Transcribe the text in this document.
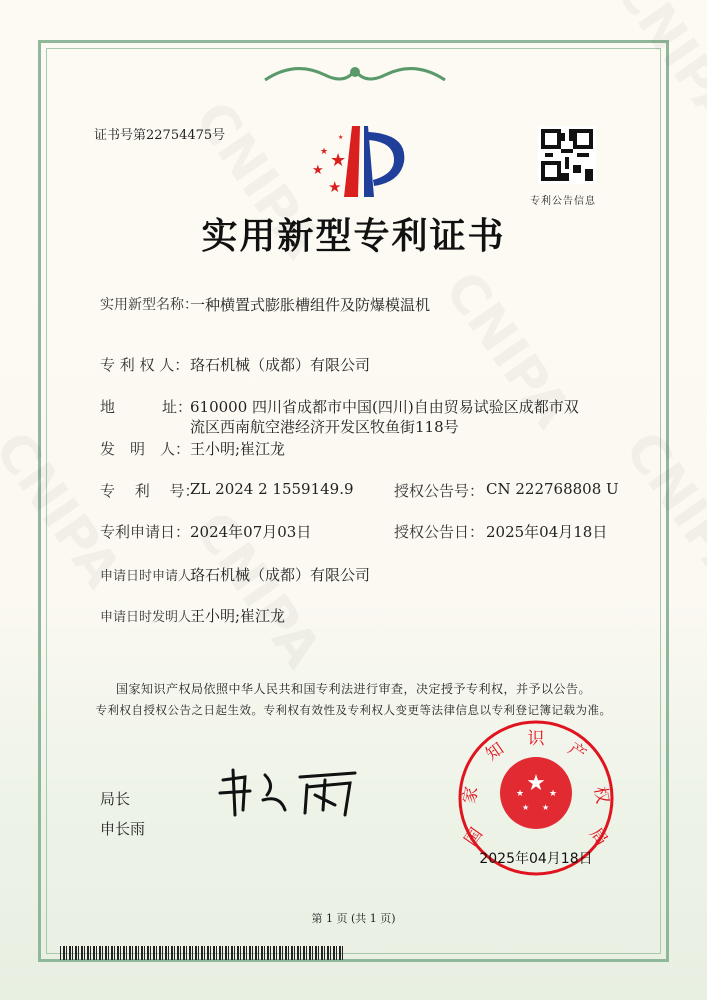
证书号第22754475号
★
★
★
★
★
专利公告信息
实用新型专利证书
实用新型名称：
一种横置式膨胀槽组件及防爆模温机
专 利 权 人： 珞石机械（成都）有限公司
地	址：
610000 四川省成都市中国(四川)自由贸易试验区成都市双
流区西南航空港经济开发区牧鱼街118号
发　明　人： 王小明;崔江龙
专　 利　 号：
ZL 2024 2 1559149.9	授权公告号： CN 222768808 U
专利申请日： 2024年07月03日	授权公告日： 2025年04月18日
申请日时申请人：
珞石机械（成都）有限公司
申请日时发明人：
王小明;崔江龙
国家知识产权局依照中华人民共和国专利法进行审查，决定授予专利权，并予以公告。
专利权自授权公告之日起生效。专利权有效性及专利权人变更等法律信息以专利登记簿记载为准。
局长
申长雨
★
★	★
★ ★
国
家
知 识 产
权
局
2025年04月18日
第 1 页 (共 1 页)
